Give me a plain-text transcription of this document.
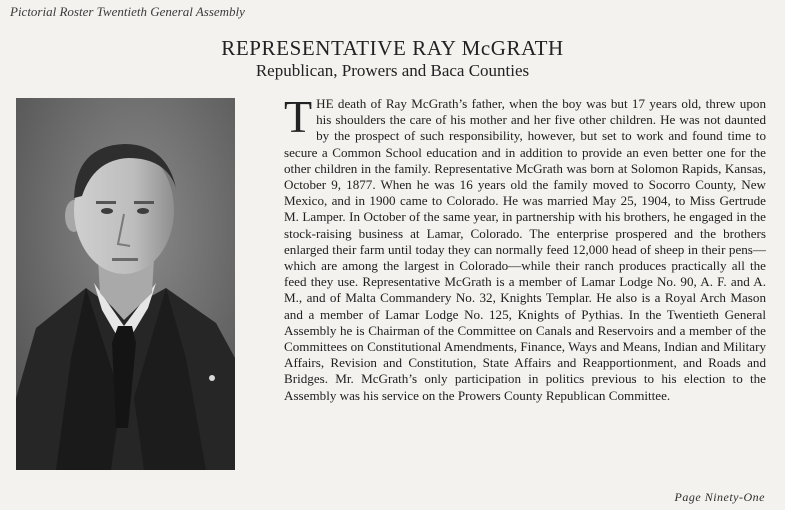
Pictorial Roster Twentieth General Assembly
REPRESENTATIVE RAY McGRATH
Republican, Prowers and Baca Counties

THE death of Ray McGrath’s father, when the boy was but 17 years old, threw upon his shoulders the care of his mother and her five other children. He was not daunted by the prospect of such responsibility, however, but set to work and found time to secure a Common School education and in addition to provide an even better one for the other children in the family. Representative McGrath was born at Solomon Rapids, Kansas, October 9, 1877. When he was 16 years old the family moved to Socorro County, New Mexico, and in 1900 came to Colorado. He was married May 25, 1904, to Miss Gertrude M. Lamper. In October of the same year, in partnership with his brothers, he engaged in the stock-raising business at Lamar, Colorado. The enterprise prospered and the brothers enlarged their farm until today they can normally feed 12,000 head of sheep in their pens—which are among the largest in Colorado—while their ranch produces practically all the feed they use. Representative McGrath is a member of Lamar Lodge No. 90, A. F. and A. M., and of Malta Commandery No. 32, Knights Templar. He also is a Royal Arch Mason and a member of Lamar Lodge No. 125, Knights of Pythias. In the Twentieth General Assembly he is Chairman of the Committee on Canals and Reservoirs and a member of the Committees on Constitutional Amendments, Finance, Ways and Means, Indian and Military Affairs, Revision and Constitution, State Affairs and Reapportionment, and Roads and Bridges. Mr. McGrath’s only participation in politics previous to his election to the Assembly was his service on the Prowers County Republican Committee.

Page Ninety-One
